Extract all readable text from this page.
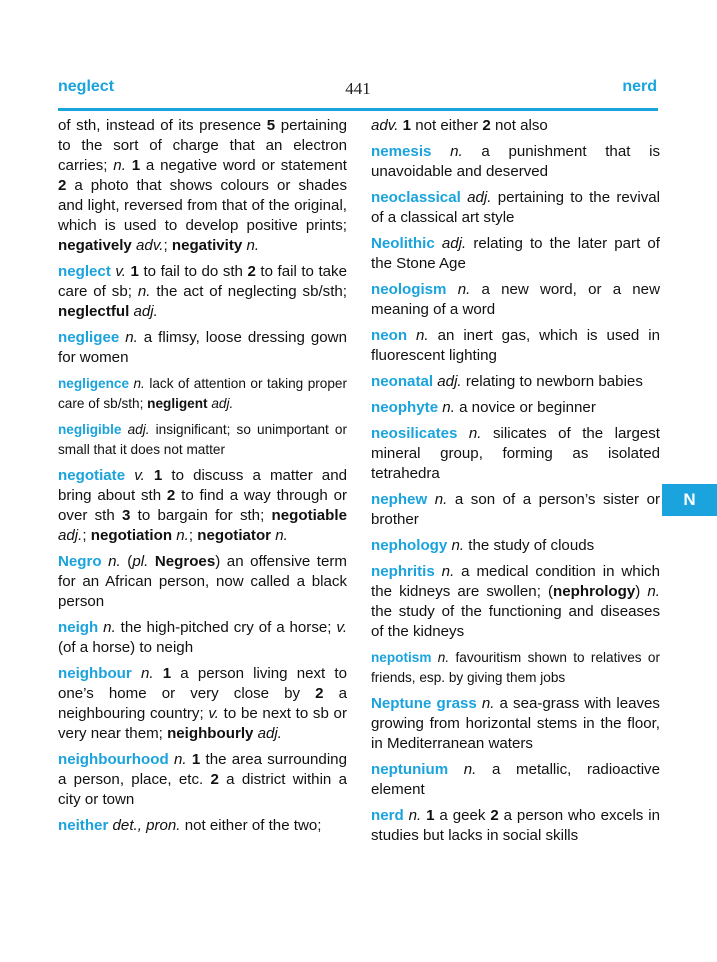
neglect	441	nerd
N
of sth, instead of its presence 5 pertaining to the sort of charge that an electron carries; n. 1 a negative word or statement 2 a photo that shows colours or shades and light, reversed from that of the original, which is used to develop positive prints; negatively adv.; negativity n.
neglect v. 1 to fail to do sth 2 to fail to take care of sb; n. the act of neglecting sb/sth; neglectful adj.
negligee n. a flimsy, loose dressing gown for women
negligence n. lack of attention or taking proper care of sb/sth; negligent adj.
negligible adj. insignificant; so unimportant or small that it does not matter
negotiate v. 1 to discuss a matter and bring about sth 2 to find a way through or over sth 3 to bargain for sth; negotiable adj.; negotiation n.; negotiator n.
Negro n. (pl. Negroes) an offensive term for an African person, now called a black person
neigh n. the high-pitched cry of a horse; v. (of a horse) to neigh
neighbour n. 1 a person living next to one’s home or very close by 2 a neighbouring country; v. to be next to sb or very near them; neighbourly adj.
neighbourhood n. 1 the area surrounding a person, place, etc. 2 a district within a city or town
neither det., pron. not either of the two;
adv. 1 not either 2 not also
nemesis n. a punishment that is unavoidable and deserved
neoclassical adj. pertaining to the revival of a classical art style
Neolithic adj. relating to the later part of the Stone Age
neologism n. a new word, or a new meaning of a word
neon n. an inert gas, which is used in fluorescent lighting
neonatal adj. relating to newborn babies
neophyte n. a novice or beginner
neosilicates n. silicates of the largest mineral group, forming as isolated tetrahedra
nephew n. a son of a person’s sister or brother
nephology n. the study of clouds
nephritis n. a medical condition in which the kidneys are swollen; (nephrology) n. the study of the functioning and diseases of the kidneys
nepotism n. favouritism shown to relatives or friends, esp. by giving them jobs
Neptune grass n. a sea-grass with leaves growing from horizontal stems in the floor, in Mediterranean waters
neptunium n. a metallic, radioactive element
nerd n. 1 a geek 2 a person who excels in studies but lacks in social skills
